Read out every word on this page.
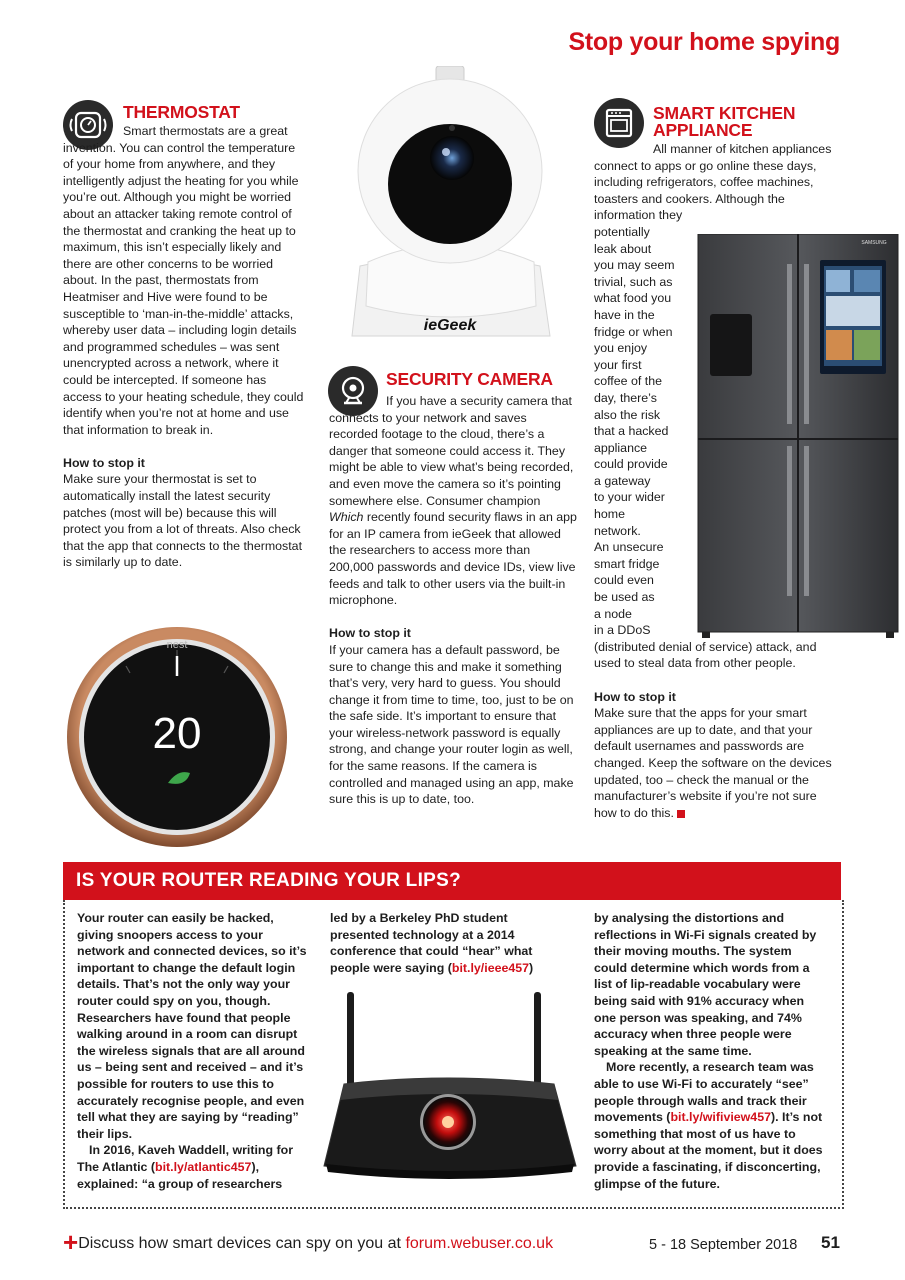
Stop your home spying
THERMOSTAT

Smart thermostats are a great invention. You can control the temperature of your home from anywhere, and they intelligently adjust the heating for you while you’re out. Although you might be worried about an attacker taking remote control of the thermostat and cranking the heat up to maximum, this isn’t especially likely and there are other concerns to be worried about. In the past, thermostats from Heatmiser and Hive were found to be susceptible to ‘man-in-the-middle’ attacks, whereby user data – including login details and programmed schedules – was sent unencrypted across a network, where it could be intercepted. If someone has access to your heating schedule, they could identify when you’re not at home and use that information to break in.

How to stop it

Make sure your thermostat is set to automatically install the latest security patches (most will be) because this will protect you from a lot of threats. Also check that the app that connects to the thermostat is similarly up to date.

nest
20
ieGeek
SECURITY CAMERA

If you have a security camera that connects to your network and saves recorded footage to the cloud, there’s a danger that someone could access it. They might be able to view what’s being recorded, and even move the camera so it’s pointing somewhere else. Consumer champion Which recently found security flaws in an app for an IP camera from ieGeek that allowed the researchers to access more than 200,000 passwords and device IDs, view live feeds and talk to other users via the built-in microphone.

How to stop it

If your camera has a default password, be sure to change this and make it something that’s very, very hard to guess. You should change it from time to time, too, just to be on the safe side. It’s important to ensure that your wireless-network password is equally strong, and change your router login as well, for the same reasons. If the camera is controlled and managed using an app, make sure this is up to date, too.

SMART KITCHEN
APPLIANCE

All manner of kitchen appliances connect to apps or go online these days, including refrigerators, coffee machines, toasters and cookers. Although the information they

potentially
leak about
you may seem
trivial, such as
what food you
have in the
fridge or when
you enjoy
your first
coffee of the
day, there’s
also the risk
that a hacked
appliance
could provide
a gateway
to your wider
home
network.
An unsecure
smart fridge
could even
be used as
a node
in a DDoS

(distributed denial of service) attack, and used to steal data from other people.

How to stop it

Make sure that the apps for your smart appliances are up to date, and that your default usernames and passwords are changed. Keep the software on the devices updated, too – check the manual or the manufacturer’s website if you’re not sure how to do this.

SAMSUNG
IS YOUR ROUTER READING YOUR LIPS?

Your router can easily be hacked, giving snoopers access to your network and connected devices, so it’s important to change the default login details. That’s not the only way your router could spy on you, though. Researchers have found that people walking around in a room can disrupt the wireless signals that are all around us – being sent and received – and it’s possible for routers to use this to accurately recognise people, and even tell what they are saying by “reading” their lips.

In 2016, Kaveh Waddell, writing for The Atlantic (bit.ly/atlantic457), explained: “a group of researchers

led by a Berkeley PhD student presented technology at a 2014 conference that could “hear” what people were saying (bit.ly/ieee457)

by analysing the distortions and reflections in Wi-Fi signals created by their moving mouths. The system could determine which words from a list of lip-readable vocabulary were being said with 91% accuracy when one person was speaking, and 74% accuracy when three people were speaking at the same time.

More recently, a research team was able to use Wi-Fi to accurately “see” people through walls and track their movements (bit.ly/wifiview457). It’s not something that most of us have to worry about at the moment, but it does provide a fascinating, if disconcerting, glimpse of the future.

+Discuss how smart devices can spy on you at forum.webuser.co.uk	5 - 18 September 2018 51
